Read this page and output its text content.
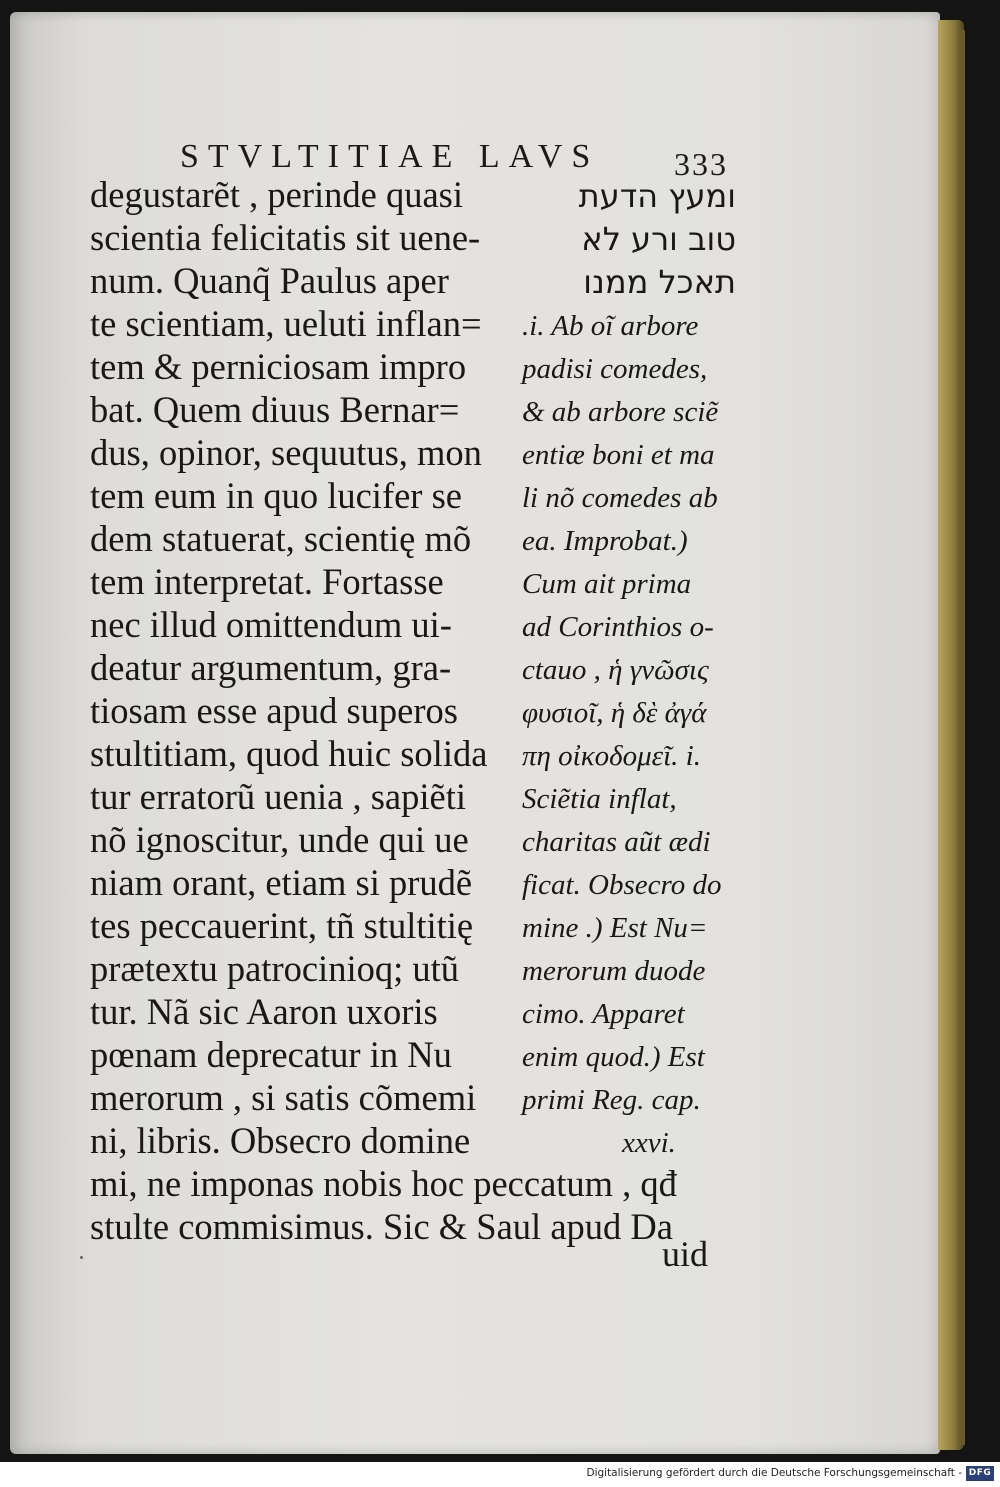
STVLTITIAE LAVS 333
degustarẽt , perinde quasi
scientia felicitatis sit uene-
num. Quanq̃ Paulus aper
te scientiam, ueluti inflan=
tem & perniciosam impro
bat. Quem diuus Bernar=
dus, opinor, sequutus, mon
tem eum in quo lucifer se
dem statuerat, scientię mõ
tem interpretat. Fortasse
nec illud omittendum ui-
deatur argumentum, gra-
tiosam esse apud superos
stultitiam, quod huic solida
tur erratorũ uenia , sapiẽti
nõ ignoscitur, unde qui ue
niam orant, etiam si prudẽ
tes peccauerint, tñ stultitię
prætextu patrocinioq; utũ
tur. Nã sic Aaron uxoris
pœnam deprecatur in Nu
merorum , si satis cõmemi
ni, libris. Obsecro domine
mi, ne imponas nobis hoc peccatum , qđ
stulte commisimus. Sic & Saul apud Da
ומעץ הדעת
טוב ורע לא
תאכל ממנו
.i. Ab oĩ arbore
padisi comedes,
& ab arbore sciẽ
entiæ boni et ma
li nõ comedes ab
ea. Improbat.)
Cum ait prima
ad Corinthios o-
ctauo , ἡ γνῶσις
φυσιοῖ, ἡ δὲ ἀγά
πη οἰκοδομεῖ. i.
Sciẽtia inflat,
charitas aũt ædi
ficat. Obsecro do
mine .) Est Nu=
merorum duode
cimo. Apparet
enim quod.) Est
primi Reg. cap.
xxvi.
uid
Digitalisierung gefördert durch die Deutsche Forschungsgemeinschaft - DFG
